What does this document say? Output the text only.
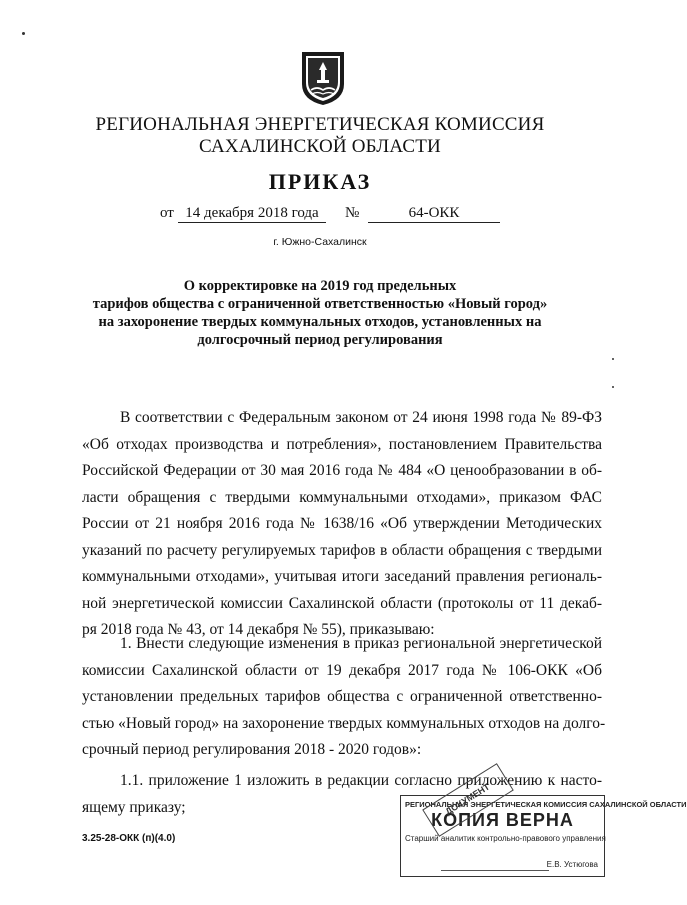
РЕГИОНАЛЬНАЯ ЭНЕРГЕТИЧЕСКАЯ КОМИССИЯ
САХАЛИНСКОЙ ОБЛАСТИ
ПРИКАЗ
от 14 декабря 2018 года	№	64-ОКК
г. Южно-Сахалинск
О корректировке на 2019 год предельных
тарифов общества с ограниченной ответственностью «Новый город»
на захоронение твердых коммунальных отходов, установленных на
долгосрочный период регулирования
В соответствии с Федеральным законом от 24 июня 1998 года № 89-ФЗ
«Об отходах производства и потребления», постановлением Правительства
Российской Федерации от 30 мая 2016 года № 484 «О ценообразовании в об-
ласти обращения с твердыми коммунальными отходами», приказом ФАС
России от 21 ноября 2016 года № 1638/16 «Об утверждении Методических
указаний по расчету регулируемых тарифов в области обращения с твердыми
коммунальными отходами», учитывая итоги заседаний правления региональ-
ной энергетической комиссии Сахалинской области (протоколы от 11 декаб-
ря 2018 года № 43, от 14 декабря № 55), приказываю:
1. Внести следующие изменения в приказ региональной энергетической
комиссии Сахалинской области от 19 декабря 2017 года № 106-ОКК «Об
установлении предельных тарифов общества с ограниченной ответственно-
стью «Новый город» на захоронение твердых коммунальных отходов на долго-
срочный период регулирования 2018 - 2020 годов»:
1.1. приложение 1 изложить в редакции согласно приложению к насто-
ящему приказу;
3.25-28-ОКК (п)(4.0)
РЕГИОНАЛЬНАЯ ЭНЕРГЕТИЧЕСКАЯ КОМИССИЯ САХАЛИНСКОЙ ОБЛАСТИ
КОПИЯ ВЕРНА
Старший аналитик контрольно-правового управления
Е.В. Устюгова
ДОКУМЕНТ
